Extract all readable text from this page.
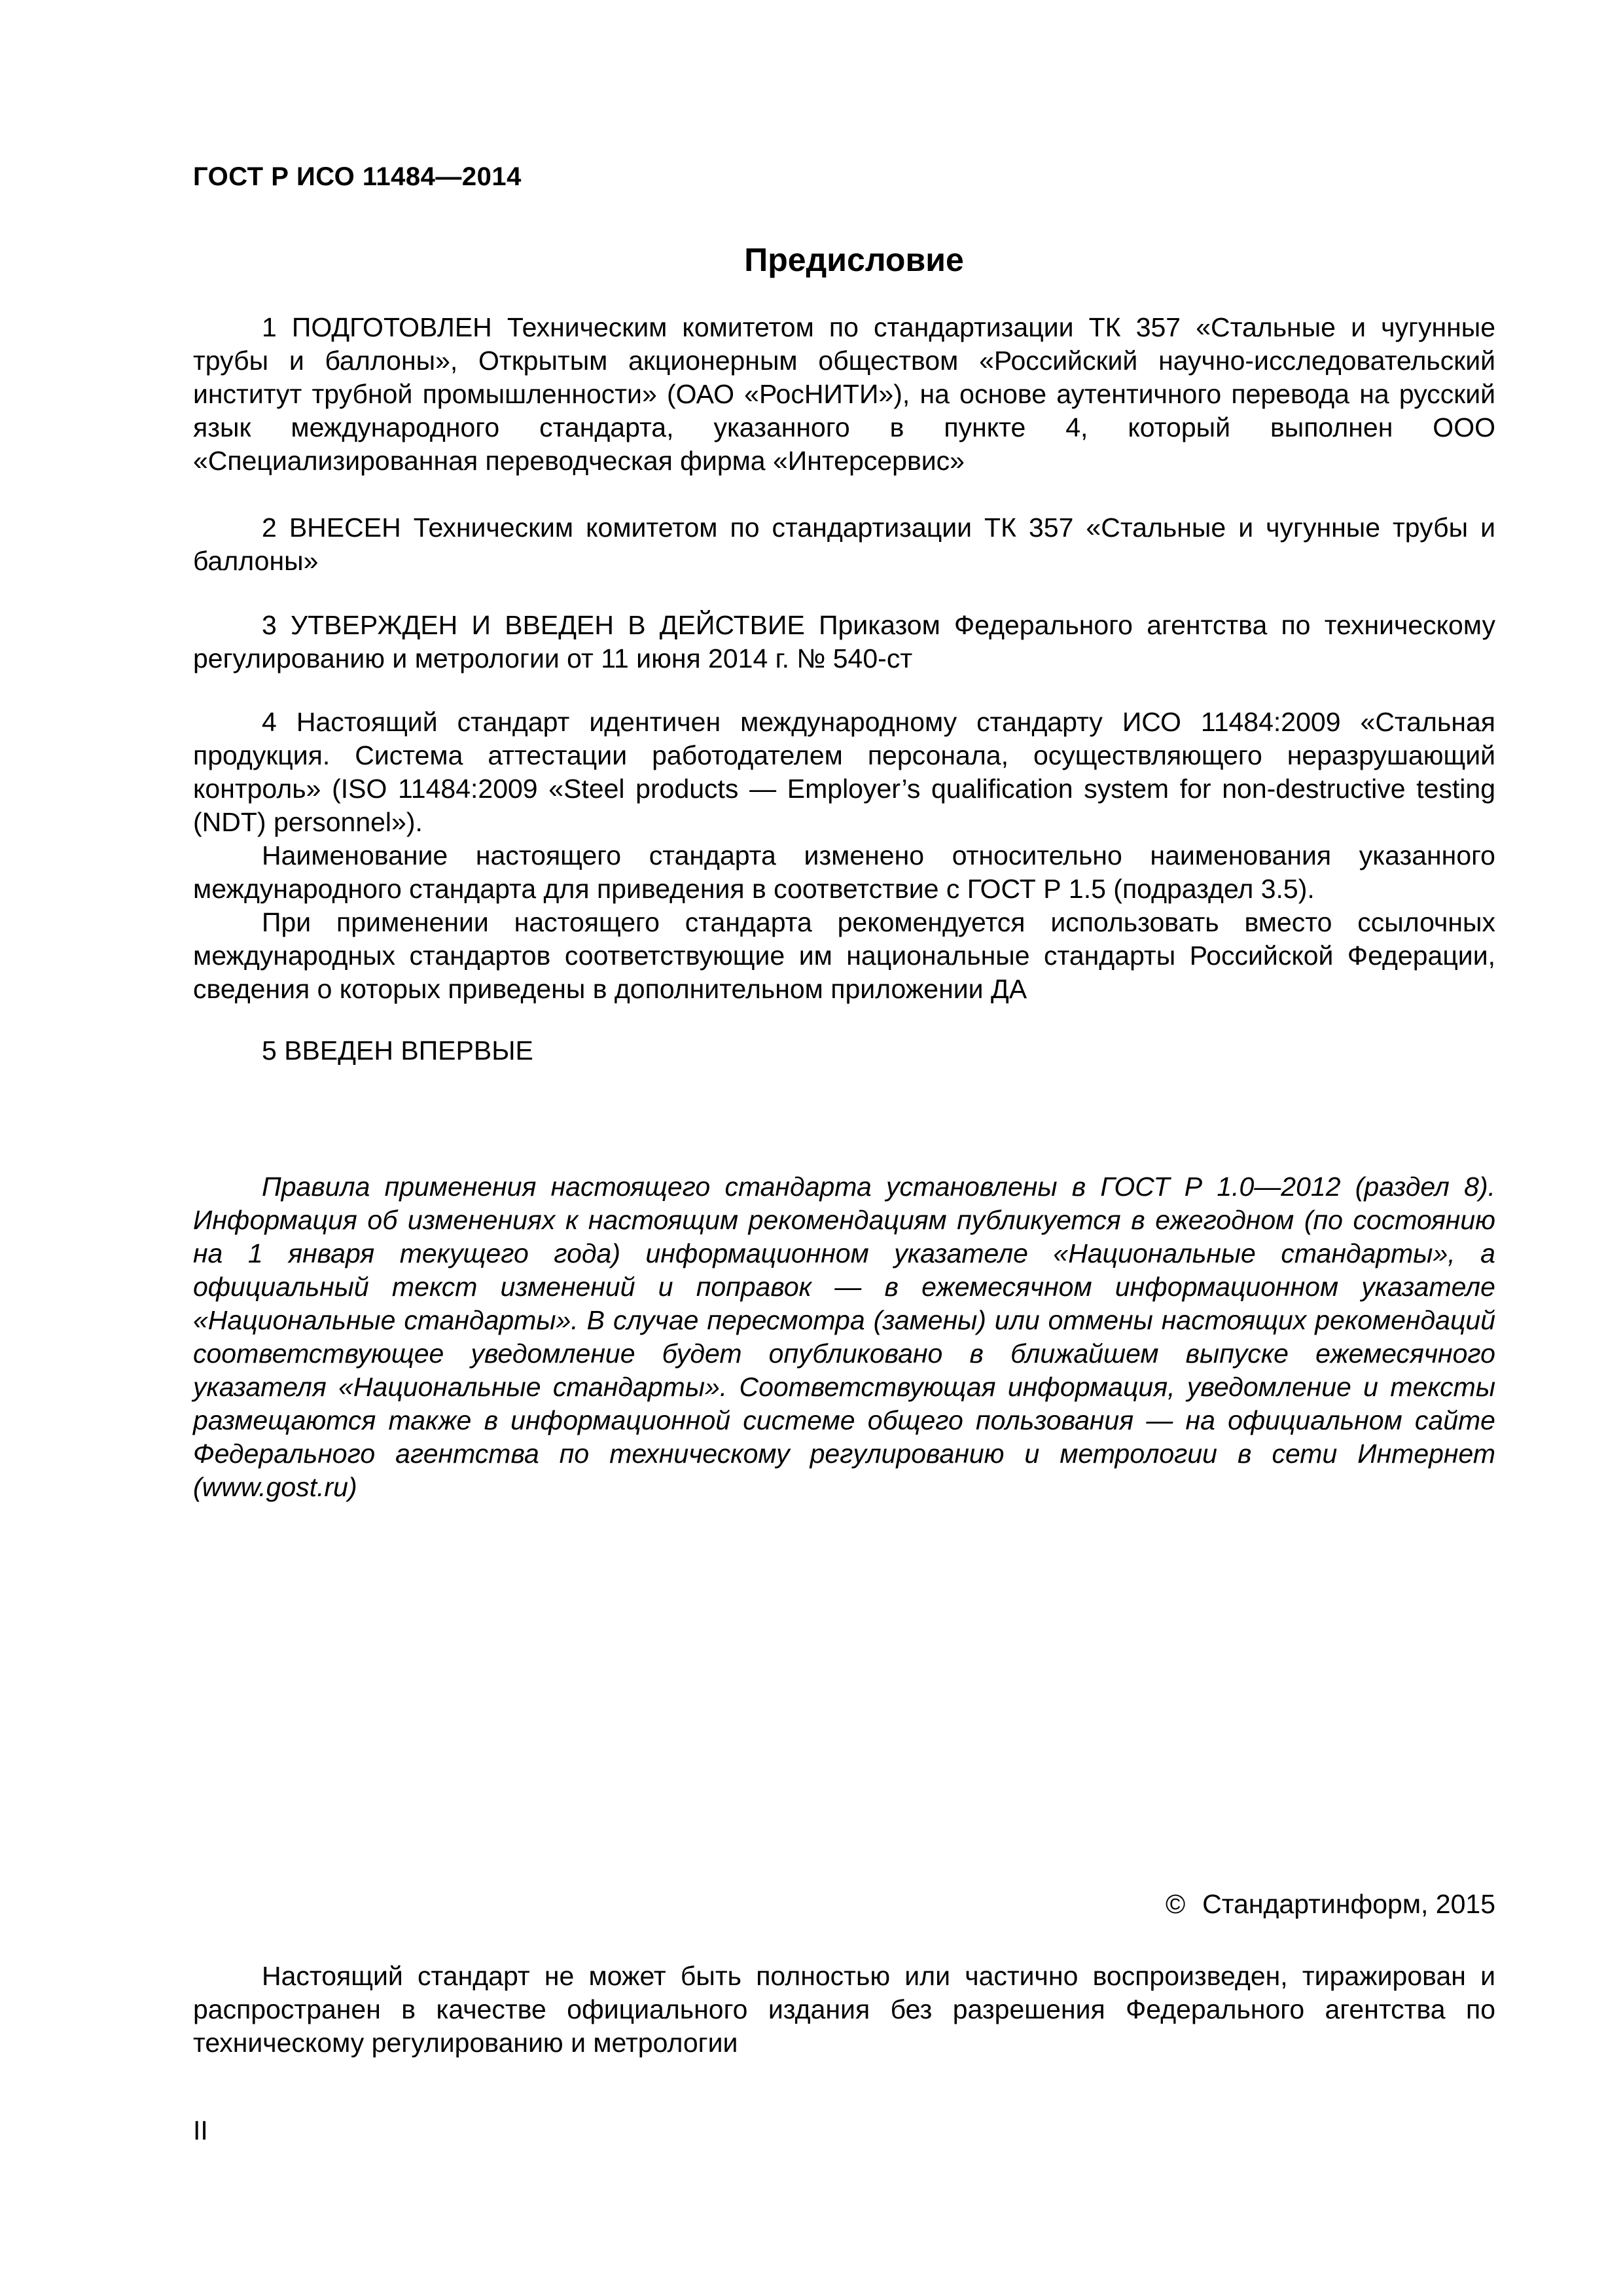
ГОСТ Р ИСО 11484—2014
Предисловие

1 ПОДГОТОВЛЕН Техническим комитетом по стандартизации ТК 357 «Стальные и чугунные трубы и баллоны», Открытым акционерным обществом «Российский научно-исследовательский институт трубной промышленности» (ОАО «РосНИТИ»), на основе аутентичного перевода на русский язык международного стандарта, указанного в пункте 4, который выполнен ООО «Специализированная переводческая фирма «Интерсервис»

2 ВНЕСЕН Техническим комитетом по стандартизации ТК 357 «Стальные и чугунные трубы и баллоны»

3 УТВЕРЖДЕН И ВВЕДЕН В ДЕЙСТВИЕ Приказом Федерального агентства по техническому регулированию и метрологии от 11 июня 2014 г. № 540-ст

4 Настоящий стандарт идентичен международному стандарту ИСО 11484:2009 «Стальная продукция. Система аттестации работодателем персонала, осуществляющего неразрушающий контроль» (ISO 11484:2009 «Steel products — Employer’s qualification system for non-destructive testing (NDT) personnel»).

Наименование настоящего стандарта изменено относительно наименования указанного международного стандарта для приведения в соответствие с ГОСТ Р 1.5 (подраздел 3.5).

При применении настоящего стандарта рекомендуется использовать вместо ссылочных международных стандартов соответствующие им национальные стандарты Российской Федерации, сведения о которых приведены в дополнительном приложении ДА

5 ВВЕДЕН ВПЕРВЫЕ

Правила применения настоящего стандарта установлены в ГОСТ Р 1.0—2012 (раздел 8). Информация об изменениях к настоящим рекомендациям публикуется в ежегодном (по состоянию на 1 января текущего года) информационном указателе «Национальные стандарты», а официальный текст изменений и поправок — в ежемесячном информационном указателе «Национальные стандарты». В случае пересмотра (замены) или отмены настоящих рекомендаций соответствующее уведомление будет опубликовано в ближайшем выпуске ежемесячного указателя «Национальные стандарты». Соответствующая информация, уведомление и тексты размещаются также в информационной системе общего пользования — на официальном сайте Федерального агентства по техническому регулированию и метрологии в сети Интернет (www.gost.ru)
© Стандартинформ, 2015
Настоящий стандарт не может быть полностью или частично воспроизведен, тиражирован и распространен в качестве официального издания без разрешения Федерального агентства по техническому регулированию и метрологии
II
